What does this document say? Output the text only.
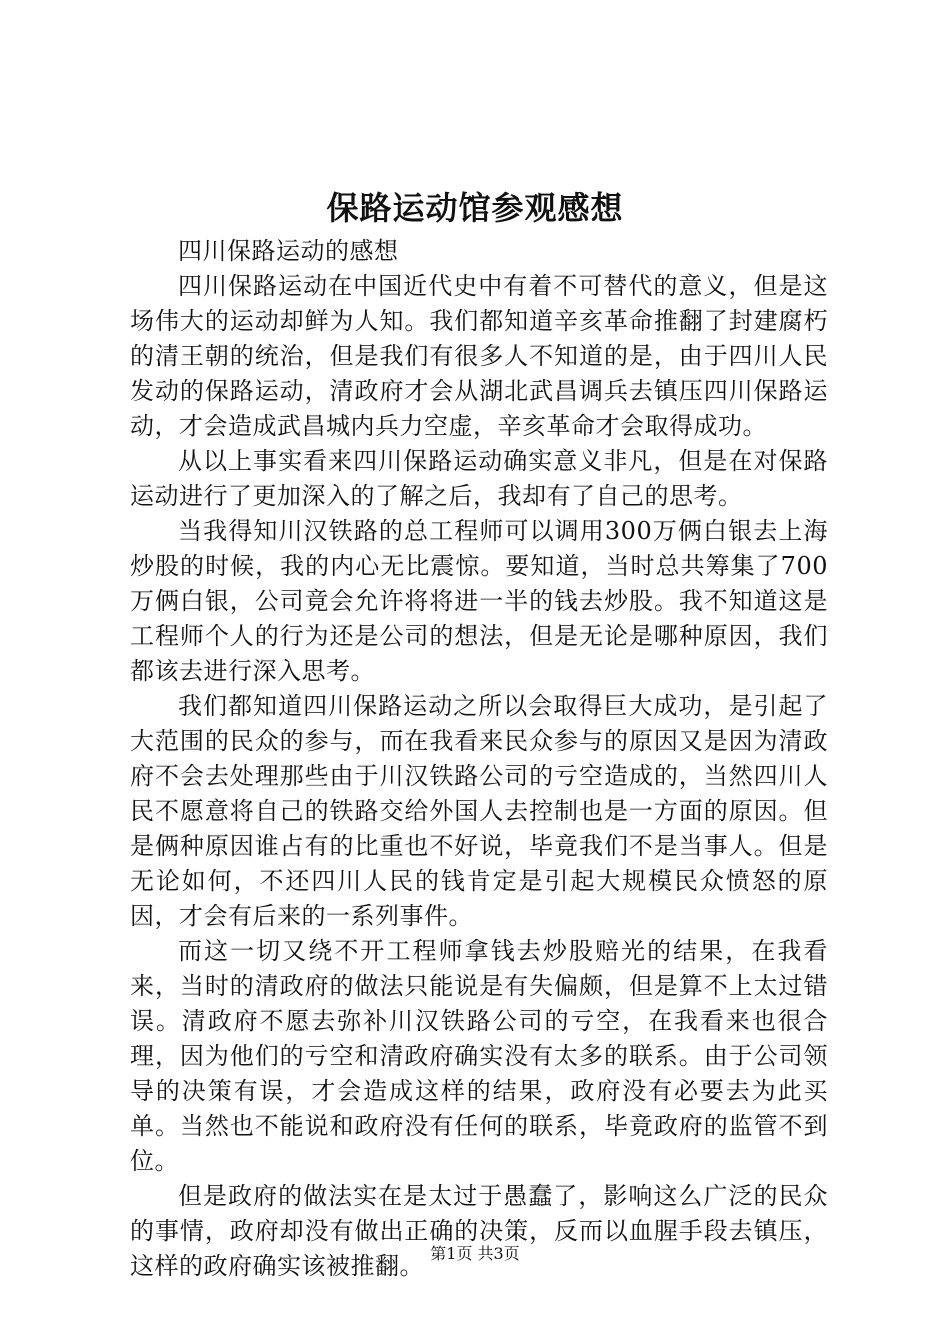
保路运动馆参观感想

四川保路运动的感想

四川保路运动在中国近代史中有着不可替代的意义，但是这场伟大的运动却鲜为人知。我们都知道辛亥革命推翻了封建腐朽的清王朝的统治，但是我们有很多人不知道的是，由于四川人民发动的保路运动，清政府才会从湖北武昌调兵去镇压四川保路运动，才会造成武昌城内兵力空虚，辛亥革命才会取得成功。

从以上事实看来四川保路运动确实意义非凡，但是在对保路运动进行了更加深入的了解之后，我却有了自己的思考。

当我得知川汉铁路的总工程师可以调用300万俩白银去上海炒股的时候，我的内心无比震惊。要知道，当时总共筹集了700万俩白银，公司竟会允许将将进一半的钱去炒股。我不知道这是工程师个人的行为还是公司的想法，但是无论是哪种原因，我们都该去进行深入思考。

我们都知道四川保路运动之所以会取得巨大成功，是引起了大范围的民众的参与，而在我看来民众参与的原因又是因为清政府不会去处理那些由于川汉铁路公司的亏空造成的，当然四川人民不愿意将自己的铁路交给外国人去控制也是一方面的原因。但是俩种原因谁占有的比重也不好说，毕竟我们不是当事人。但是无论如何，不还四川人民的钱肯定是引起大规模民众愤怒的原因，才会有后来的一系列事件。

而这一切又绕不开工程师拿钱去炒股赔光的结果，在我看来，当时的清政府的做法只能说是有失偏颇，但是算不上太过错误。清政府不愿去弥补川汉铁路公司的亏空，在我看来也很合理，因为他们的亏空和清政府确实没有太多的联系。由于公司领导的决策有误，才会造成这样的结果，政府没有必要去为此买单。当然也不能说和政府没有任何的联系，毕竟政府的监管不到位。

但是政府的做法实在是太过于愚蠢了，影响这么广泛的民众的事情，政府却没有做出正确的决策，反而以血腥手段去镇压，这样的政府确实该被推翻。 第1页 共3页
